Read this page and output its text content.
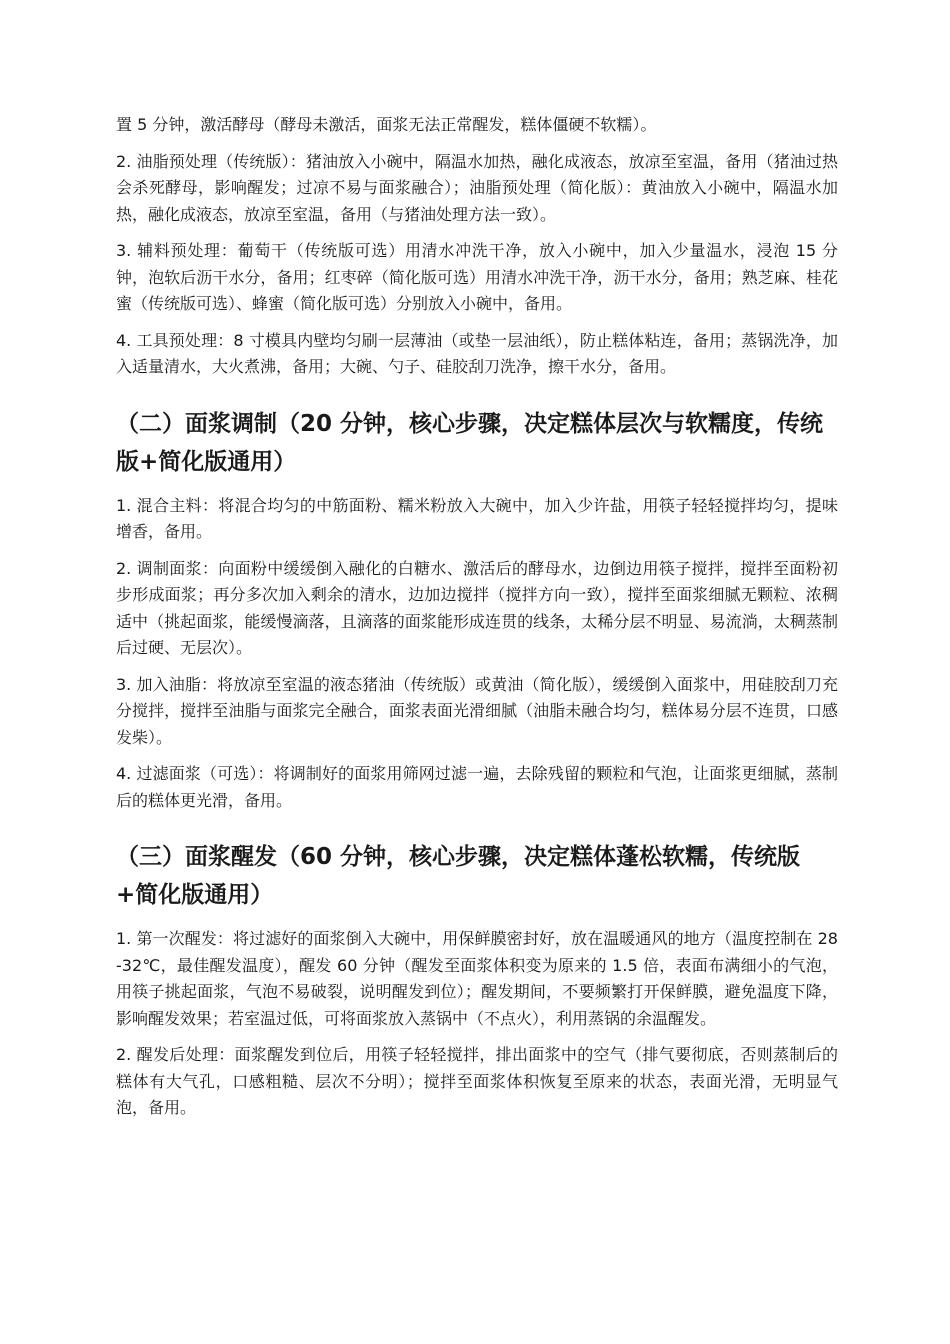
置 5 分钟，激活酵母（酵母未激活，面浆无法正常醒发，糕体僵硬不软糯）。

2. 油脂预处理（传统版）：猪油放入小碗中，隔温水加热，融化成液态，放凉至室温，备用（猪油过热会杀死酵母，影响醒发；过凉不易与面浆融合）；油脂预处理（简化版）：黄油放入小碗中，隔温水加热，融化成液态，放凉至室温，备用（与猪油处理方法一致）。

3. 辅料预处理：葡萄干（传统版可选）用清水冲洗干净，放入小碗中，加入少量温水，浸泡 15 分钟，泡软后沥干水分，备用；红枣碎（简化版可选）用清水冲洗干净，沥干水分，备用；熟芝麻、桂花蜜（传统版可选）、蜂蜜（简化版可选）分别放入小碗中，备用。

4. 工具预处理：8 寸模具内壁均匀刷一层薄油（或垫一层油纸），防止糕体粘连，备用；蒸锅洗净，加入适量清水，大火煮沸，备用；大碗、勺子、硅胶刮刀洗净，擦干水分，备用。

（二）面浆调制（20 分钟，核心步骤，决定糕体层次与软糯度，传统版+简化版通用）

1. 混合主料：将混合均匀的中筋面粉、糯米粉放入大碗中，加入少许盐，用筷子轻轻搅拌均匀，提味增香，备用。

2. 调制面浆：向面粉中缓缓倒入融化的白糖水、激活后的酵母水，边倒边用筷子搅拌，搅拌至面粉初步形成面浆；再分多次加入剩余的清水，边加边搅拌（搅拌方向一致），搅拌至面浆细腻无颗粒、浓稠适中（挑起面浆，能缓慢滴落，且滴落的面浆能形成连贯的线条，太稀分层不明显、易流淌，太稠蒸制后过硬、无层次）。

3. 加入油脂：将放凉至室温的液态猪油（传统版）或黄油（简化版），缓缓倒入面浆中，用硅胶刮刀充分搅拌，搅拌至油脂与面浆完全融合，面浆表面光滑细腻（油脂未融合均匀，糕体易分层不连贯，口感发柴）。

4. 过滤面浆（可选）：将调制好的面浆用筛网过滤一遍，去除残留的颗粒和气泡，让面浆更细腻，蒸制后的糕体更光滑，备用。

（三）面浆醒发（60 分钟，核心步骤，决定糕体蓬松软糯，传统版+简化版通用）

1. 第一次醒发：将过滤好的面浆倒入大碗中，用保鲜膜密封好，放在温暖通风的地方（温度控制在 28-32℃，最佳醒发温度），醒发 60 分钟（醒发至面浆体积变为原来的 1.5 倍，表面布满细小的气泡，用筷子挑起面浆，气泡不易破裂，说明醒发到位）；醒发期间，不要频繁打开保鲜膜，避免温度下降，影响醒发效果；若室温过低，可将面浆放入蒸锅中（不点火），利用蒸锅的余温醒发。

2. 醒发后处理：面浆醒发到位后，用筷子轻轻搅拌，排出面浆中的空气（排气要彻底，否则蒸制后的糕体有大气孔，口感粗糙、层次不分明）；搅拌至面浆体积恢复至原来的状态，表面光滑，无明显气泡，备用。
